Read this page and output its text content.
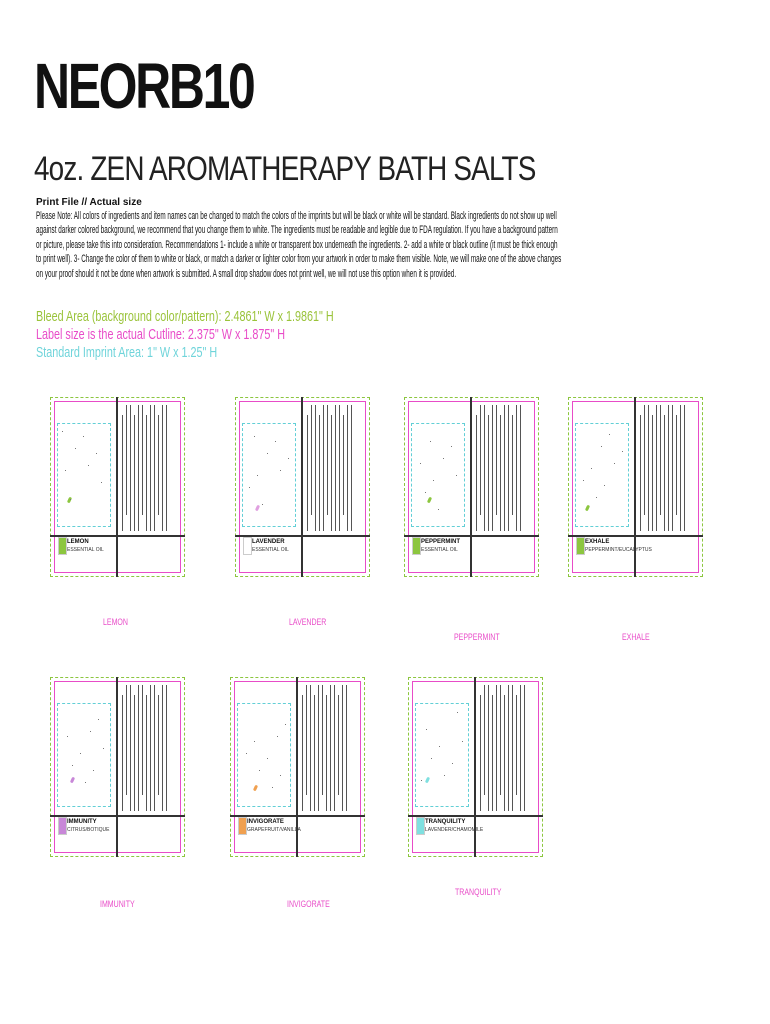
NEORB10
4oz. ZEN AROMATHERAPY BATH SALTS
Print File // Actual size
Please Note: All colors of ingredients and item names can be changed to match the colors of the imprints but will be black or white will be standard. Black ingredients do not show up well against darker colored background, we recommend that you change them to white. The ingredients must be readable and legible due to FDA regulation. If you have a background pattern or picture, please take this into consideration. Recommendations 1- include a white or transparent box underneath the ingredients. 2- add a white or black outline (it must be thick enough to print well). 3- Change the color of them to white or black, or match a darker or lighter color from your artwork in order to make them visible. Note, we will make one of the above changes on your proof should it not be done when artwork is submitted. A small drop shadow does not print well, we will not use this option when it is provided.
Bleed Area (background color/pattern): 2.4861" W x 1.9861" H
Label size is the actual Cutline: 2.375" W x 1.875" H
Standard Imprint Area: 1" W x 1.25" H
LEMON
ESSENTIAL OIL
LEMON
LAVENDER
ESSENTIAL OIL
LAVENDER
PEPPERMINT
ESSENTIAL OIL
PEPPERMINT
EXHALE
PEPPERMINT/EUCALYPTUS
EXHALE
IMMUNITY
CITRUS/BOTIQUE
IMMUNITY
INVIGORATE
GRAPEFRUIT/VANILLA
INVIGORATE
TRANQUILITY
LAVENDER/CHAMOMILE
TRANQUILITY
